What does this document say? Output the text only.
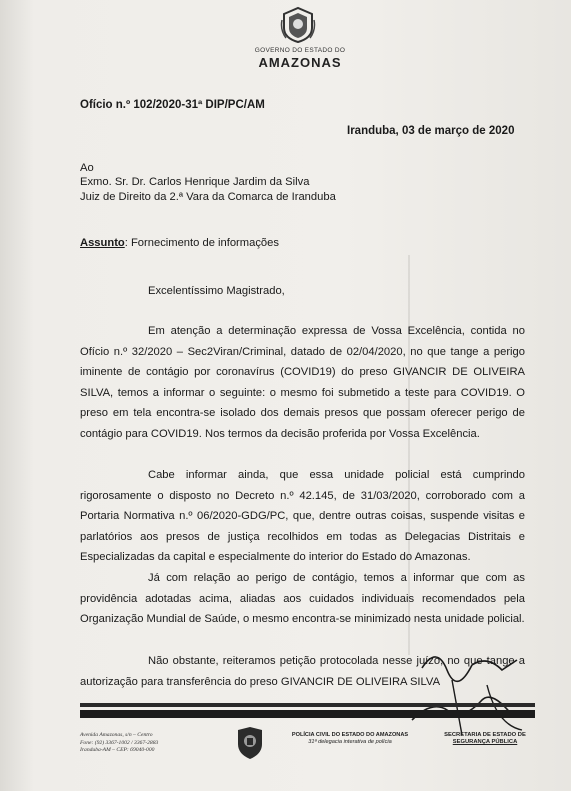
GOVERNO DO ESTADO DO
AMAZONAS
Ofício n.º 102/2020-31ª DIP/PC/AM
Iranduba, 03 de março de 2020
Ao
Exmo. Sr. Dr. Carlos Henrique Jardim da Silva
Juiz de Direito da 2.ª Vara da Comarca de Iranduba
Assunto: Fornecimento de informações
Excelentíssimo Magistrado,
Em atenção a determinação expressa de Vossa Excelência, contida no Ofício n.º 32/2020 – Sec2Viran/Criminal, datado de 02/04/2020, no que tange a perigo iminente de contágio por coronavírus (COVID19) do preso GIVANCIR DE OLIVEIRA SILVA, temos a informar o seguinte: o mesmo foi submetido a teste para COVID19. O preso em tela encontra-se isolado dos demais presos que possam oferecer perigo de contágio para COVID19. Nos termos da decisão proferida por Vossa Excelência.
Cabe informar ainda, que essa unidade policial está cumprindo rigorosamente o disposto no Decreto n.º 42.145, de 31/03/2020, corroborado com a Portaria Normativa n.º 06/2020-GDG/PC, que, dentre outras coisas, suspende visitas e parlatórios aos presos de justiça recolhidos em todas as Delegacias Distritais e Especializadas da capital e especialmente do interior do Estado do Amazonas.
Já com relação ao perigo de contágio, temos a informar que com as providência adotadas acima, aliadas aos cuidados individuais recomendados pela Organização Mundial de Saúde, o mesmo encontra-se minimizado nesta unidade policial.
Não obstante, reiteramos petição protocolada nesse juízo, no que tange a autorização para transferência do preso GIVANCIR DE OLIVEIRA SILVA
Avenida Amazonas, s/n – Centro
Fone: (92) 3367-1002 / 3367-2883
Iranduba-AM – CEP: 69040-000
POLÍCIA CIVIL DO ESTADO DO AMAZONAS
31ª delegacia interativa de polícia
SECRETARIA DE ESTADO DE
SEGURANÇA PÚBLICA
